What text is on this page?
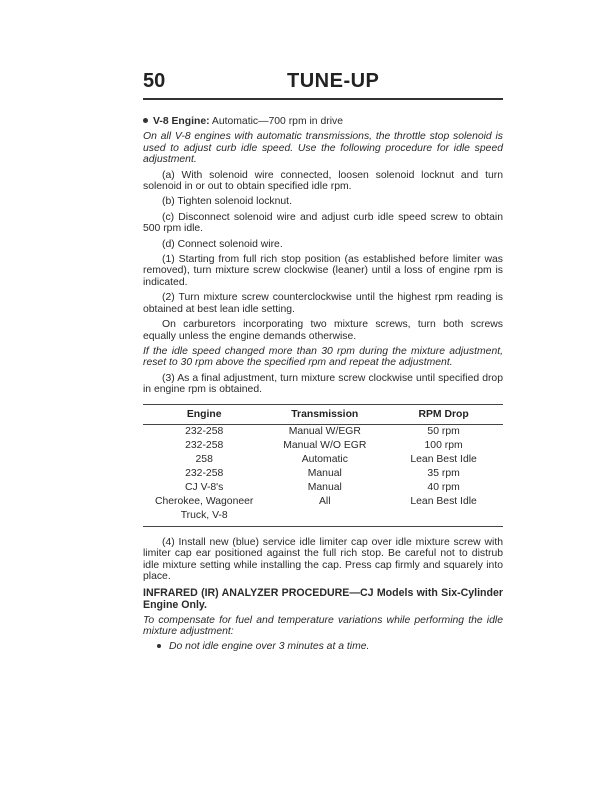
50	TUNE-UP

V-8 Engine: Automatic—700 rpm in drive

On all V-8 engines with automatic transmissions, the throttle stop solenoid is used to adjust curb idle speed. Use the following procedure for idle speed adjustment.

(a) With solenoid wire connected, loosen solenoid locknut and turn solenoid in or out to obtain specified idle rpm.

(b) Tighten solenoid locknut.

(c) Disconnect solenoid wire and adjust curb idle speed screw to obtain 500 rpm idle.

(d) Connect solenoid wire.

(1) Starting from full rich stop position (as established before limiter was removed), turn mixture screw clockwise (leaner) until a loss of engine rpm is indicated.

(2) Turn mixture screw counterclockwise until the highest rpm reading is obtained at best lean idle setting.

On carburetors incorporating two mixture screws, turn both screws equally unless the engine demands otherwise.

If the idle speed changed more than 30 rpm during the mixture adjustment, reset to 30 rpm above the specified rpm and repeat the adjustment.

(3) As a final adjustment, turn mixture screw clockwise until specified drop in engine rpm is obtained.

Engine	Transmission	RPM Drop
232-258	Manual W/EGR	50 rpm
232-258	Manual W/O EGR	100 rpm
258	Automatic	Lean Best Idle
232-258	Manual	35 rpm
CJ V-8's	Manual	40 rpm
Cherokee, Wagoneer Truck, V-8	All	Lean Best Idle

(4) Install new (blue) service idle limiter cap over idle mixture screw with limiter cap ear positioned against the full rich stop. Be careful not to distrub idle mixture setting while installing the cap. Press cap firmly and squarely into place.

INFRARED (IR) ANALYZER PROCEDURE—CJ Models with Six-Cylinder Engine Only.

To compensate for fuel and temperature variations while performing the idle mixture adjustment:

Do not idle engine over 3 minutes at a time.
